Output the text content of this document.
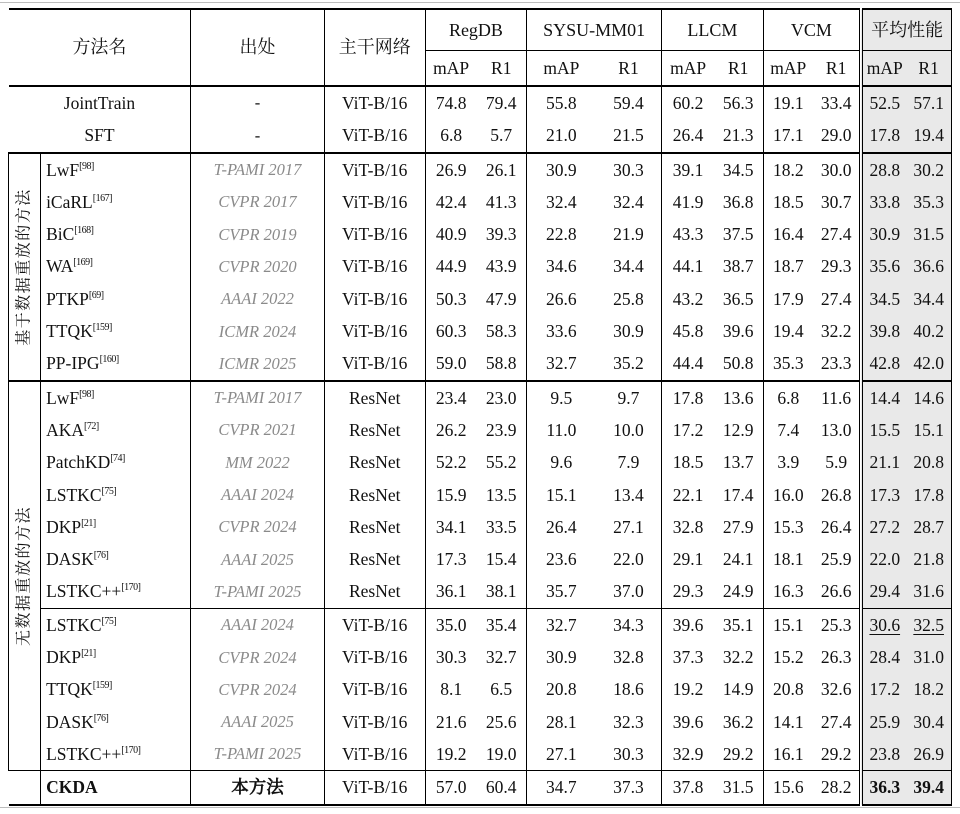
方法名		出处	主干网络	RegDB		SYSU-MM01		LLCM		VCM		平均性能	
				mAP	R1	mAP	R1	mAP	R1	mAP	R1	mAP	R1
JointTrain		-	ViT-B/16	74.8	79.4	55.8	59.4	60.2	56.3	19.1	33.4	52.5	57.1
SFT		-	ViT-B/16	6.8	5.7	21.0	21.5	26.4	21.3	17.1	29.0	17.8	19.4

基于数据重放的方法	LwF[98]	T-PAMI 2017	ViT-B/16	26.9	26.1	30.9	30.3	39.1	34.5	18.2	30.0	28.8	30.2
	iCaRL[167]	CVPR 2017	ViT-B/16	42.4	41.3	32.4	32.4	41.9	36.8	18.5	30.7	33.8	35.3
	BiC[168]	CVPR 2019	ViT-B/16	40.9	39.3	22.8	21.9	43.3	37.5	16.4	27.4	30.9	31.5
	WA[169]	CVPR 2020	ViT-B/16	44.9	43.9	34.6	34.4	44.1	38.7	18.7	29.3	35.6	36.6
	PTKP[69]	AAAI 2022	ViT-B/16	50.3	47.9	26.6	25.8	43.2	36.5	17.9	27.4	34.5	34.4
	TTQK[159]	ICMR 2024	ViT-B/16	60.3	58.3	33.6	30.9	45.8	39.6	19.4	32.2	39.8	40.2
	PP-IPG[160]	ICMR 2025	ViT-B/16	59.0	58.8	32.7	35.2	44.4	50.8	35.3	23.3	42.8	42.0

无数据重放的方法	LwF[98]	T-PAMI 2017	ResNet	23.4	23.0	9.5	9.7	17.8	13.6	6.8	11.6	14.4	14.6
	AKA[72]	CVPR 2021	ResNet	26.2	23.9	11.0	10.0	17.2	12.9	7.4	13.0	15.5	15.1
	PatchKD[74]	MM 2022	ResNet	52.2	55.2	9.6	7.9	18.5	13.7	3.9	5.9	21.1	20.8
	LSTKC[75]	AAAI 2024	ResNet	15.9	13.5	15.1	13.4	22.1	17.4	16.0	26.8	17.3	17.8
	DKP[21]	CVPR 2024	ResNet	34.1	33.5	26.4	27.1	32.8	27.9	15.3	26.4	27.2	28.7
	DASK[76]	AAAI 2025	ResNet	17.3	15.4	23.6	22.0	29.1	24.1	18.1	25.9	22.0	21.8
	LSTKC++[170]	T-PAMI 2025	ResNet	36.1	38.1	35.7	37.0	29.3	24.9	16.3	26.6	29.4	31.6
	LSTKC[75]	AAAI 2024	ViT-B/16	35.0	35.4	32.7	34.3	39.6	35.1	15.1	25.3	30.6	32.5
	DKP[21]	CVPR 2024	ViT-B/16	30.3	32.7	30.9	32.8	37.3	32.2	15.2	26.3	28.4	31.0
	TTQK[159]	CVPR 2024	ViT-B/16	8.1	6.5	20.8	18.6	19.2	14.9	20.8	32.6	17.2	18.2
	DASK[76]	AAAI 2025	ViT-B/16	21.6	25.6	28.1	32.3	39.6	36.2	14.1	27.4	25.9	30.4
	LSTKC++[170]	T-PAMI 2025	ViT-B/16	19.2	19.0	27.1	30.3	32.9	29.2	16.1	29.2	23.8	26.9
	CKDA	本方法	ViT-B/16	57.0	60.4	34.7	37.3	37.8	31.5	15.6	28.2	36.3	39.4
